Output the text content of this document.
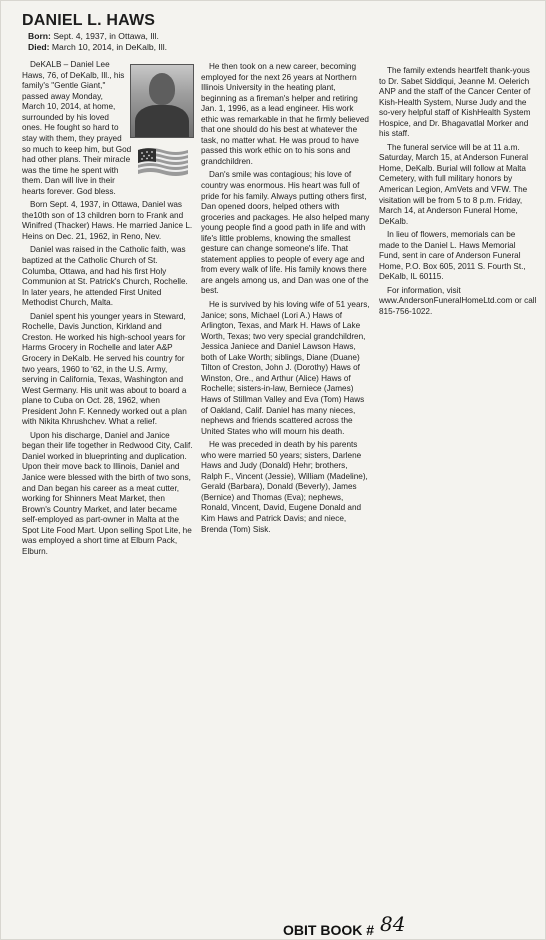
DANIEL L. HAWS
Born: Sept. 4, 1937, in Ottawa, Ill.
Died: March 10, 2014, in DeKalb, Ill.

DeKALB – Daniel Lee Haws, 76, of DeKalb, Ill., his family's "Gentle Giant," passed away Monday, March 10, 2014, at home, surrounded by his loved ones. He fought so hard to stay with them, they prayed so much to keep him, but God had other plans. Their miracle was the time he spent with them. Dan will live in their hearts forever. God bless.

Born Sept. 4, 1937, in Ottawa, Daniel was the10th son of 13 children born to Frank and Winifred (Thacker) Haws. He married Janice L. Heins on Dec. 21, 1962, in Reno, Nev.

Daniel was raised in the Catholic faith, was baptized at the Catholic Church of St. Columba, Ottawa, and had his first Holy Communion at St. Patrick's Church, Rochelle. In later years, he attended First United Methodist Church, Malta.

Daniel spent his younger years in Steward, Rochelle, Davis Junction, Kirkland and Creston. He worked his high-school years for Harms Grocery in Rochelle and later A&P Grocery in DeKalb. He served his country for two years, 1960 to '62, in the U.S. Army, serving in California, Texas, Washington and West Germany. His unit was about to board a plane to Cuba on Oct. 28, 1962, when President John F. Kennedy worked out a plan with Nikita Khrushchev. What a relief.

Upon his discharge, Daniel and Janice began their life together in Redwood City, Calif. Daniel worked in blueprinting and duplication. Upon their move back to Illinois, Daniel and Janice were blessed with the birth of two sons, and Dan began his career as a meat cutter, working for Shinners Meat Market, then Brown's Country Market, and later became self-employed as part-owner in Malta at the Spot Lite Food Mart. Upon selling Spot Lite, he was employed a short time at Elburn Pack, Elburn.

He then took on a new career, becoming employed for the next 26 years at Northern Illinois University in the heating plant, beginning as a fireman's helper and retiring Jan. 1, 1996, as a lead engineer. His work ethic was remarkable in that he firmly believed that one should do his best at whatever the task, no matter what. He was proud to have passed this work ethic on to his sons and grandchildren.

Dan's smile was contagious; his love of country was enormous. His heart was full of pride for his family. Always putting others first, Dan opened doors, helped others with groceries and packages. He also helped many young people find a good path in life and with life's little problems, knowing the smallest gesture can change someone's life. That statement applies to people of every age and from every walk of life. His family knows there are angels among us, and Dan was one of the best.

He is survived by his loving wife of 51 years, Janice; sons, Michael (Lori A.) Haws of Arlington, Texas, and Mark H. Haws of Lake Worth, Texas; two very special grandchildren, Jessica Janiece and Daniel Lawson Haws, both of Lake Worth; siblings, Diane (Duane) Tilton of Creston, John J. (Dorothy) Haws of Winston, Ore., and Arthur (Alice) Haws of Rochelle; sisters-in-law, Berniece (James) Haws of Stillman Valley and Eva (Tom) Haws of Oakland, Calif. Daniel has many nieces, nephews and friends scattered across the United States who will mourn his death.

He was preceded in death by his parents who were married 50 years; sisters, Darlene Haws and Judy (Donald) Hehr; brothers, Ralph F., Vincent (Jessie), William (Madeline), Gerald (Barbara), Donald (Beverly), James (Bernice) and Thomas (Eva); nephews, Ronald, Vincent, David, Eugene Donald and Kim Haws and Patrick Davis; and niece, Brenda (Tom) Sisk.

The family extends heartfelt thank-yous to Dr. Sabet Siddiqui, Jeanne M. Oelerich ANP and the staff of the Cancer Center of Kish-Health System, Nurse Judy and the so-very helpful staff of KishHealth System Hospice, and Dr. Bhagavatlal Morker and his staff.

The funeral service will be at 11 a.m. Saturday, March 15, at Anderson Funeral Home, DeKalb. Burial will follow at Malta Cemetery, with full military honors by American Legion, AmVets and VFW. The visitation will be from 5 to 8 p.m. Friday, March 14, at Anderson Funeral Home, DeKalb.

In lieu of flowers, memorials can be made to the Daniel L. Haws Memorial Fund, sent in care of Anderson Funeral Home, P.O. Box 605, 2011 S. Fourth St., DeKalb, IL 60115.

For information, visit www.AndersonFuneralHomeLtd.com or call 815-756-1022.

OBIT BOOK # 84
